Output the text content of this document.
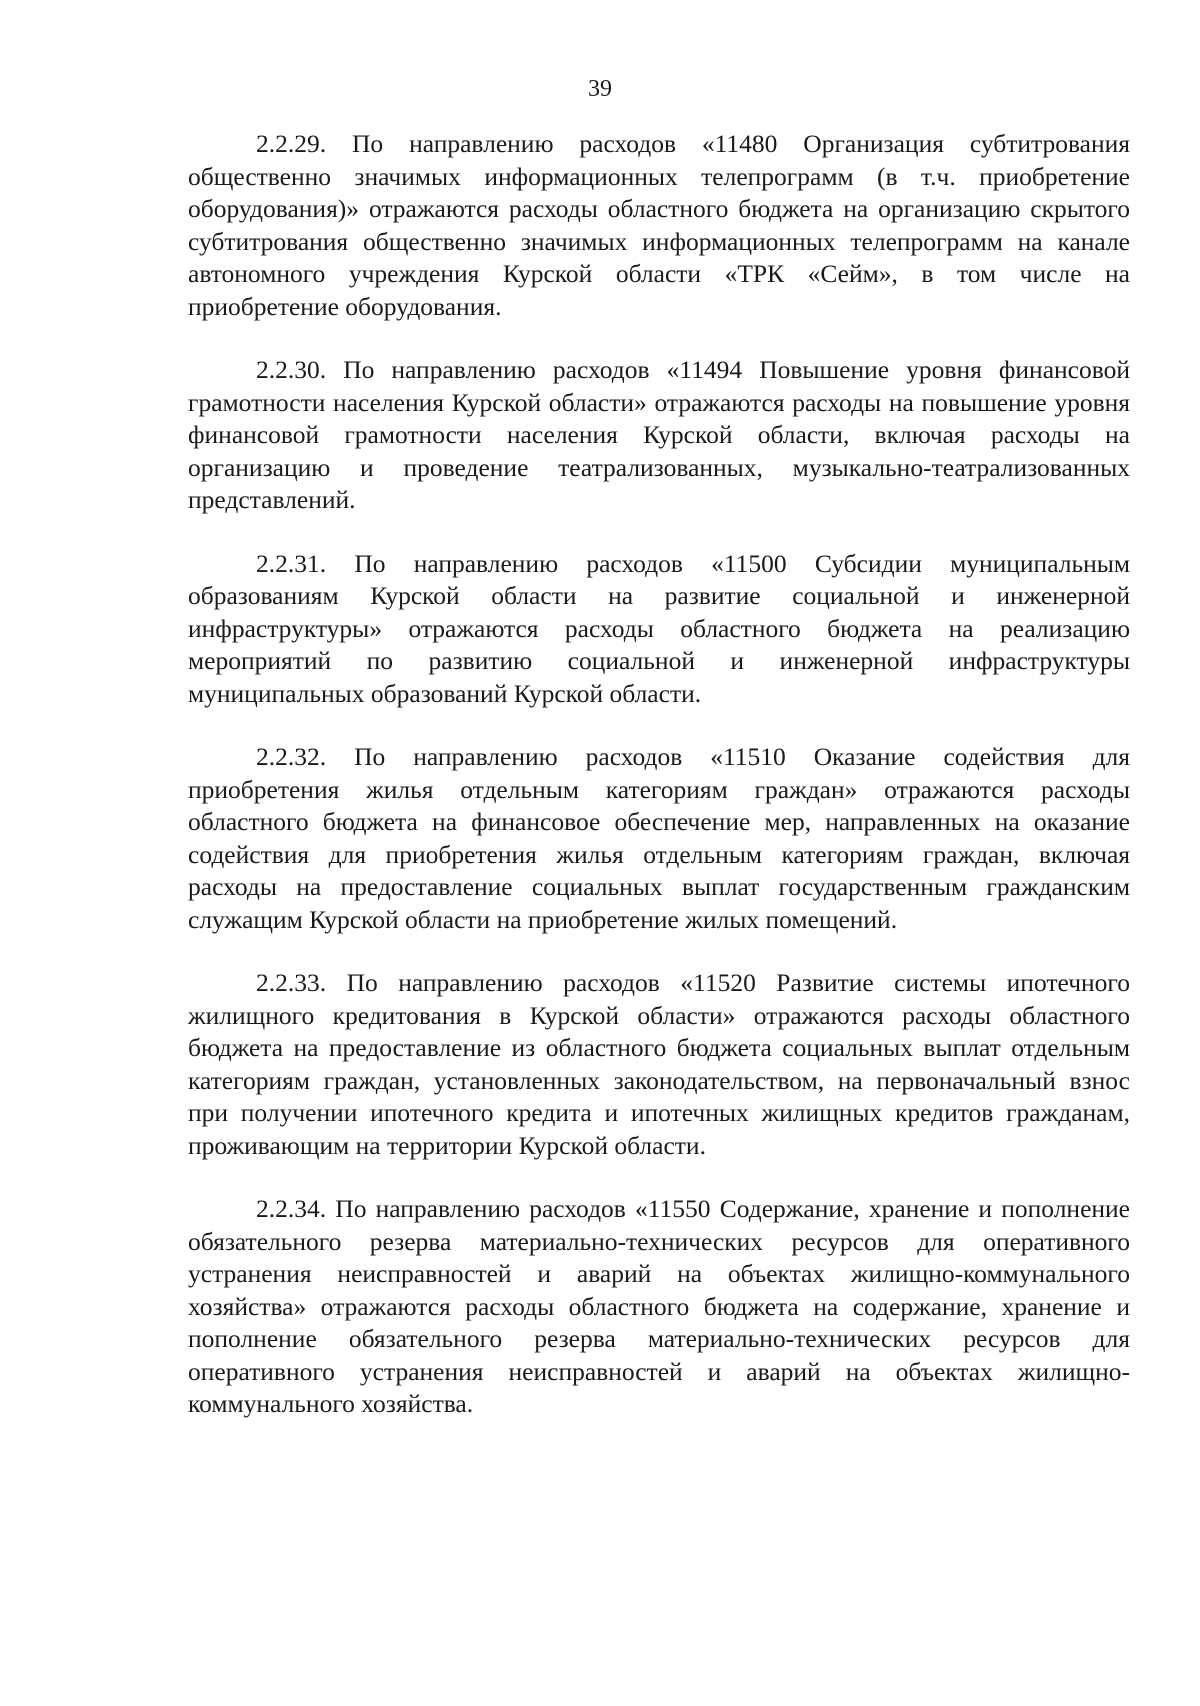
39

2.2.29. По направлению расходов «11480 Организация субтитрования общественно значимых информационных телепрограмм (в т.ч. приобретение оборудования)» отражаются расходы областного бюджета на организацию скрытого субтитрования общественно значимых информационных телепрограмм на канале автономного учреждения Курской области «ТРК «Сейм», в том числе на приобретение оборудования.

2.2.30. По направлению расходов «11494 Повышение уровня финансовой грамотности населения Курской области» отражаются расходы на повышение уровня финансовой грамотности населения Курской области, включая расходы на организацию и проведение театрализованных, музыкально-театрализованных представлений.

2.2.31. По направлению расходов «11500 Субсидии муниципальным образованиям Курской области на развитие социальной и инженерной инфраструктуры» отражаются расходы областного бюджета на реализацию мероприятий по развитию социальной и инженерной инфраструктуры муниципальных образований Курской области.

2.2.32. По направлению расходов «11510 Оказание содействия для приобретения жилья отдельным категориям граждан» отражаются расходы областного бюджета на финансовое обеспечение мер, направленных на оказание содействия для приобретения жилья отдельным категориям граждан, включая расходы на предоставление социальных выплат государственным гражданским служащим Курской области на приобретение жилых помещений.

2.2.33. По направлению расходов «11520 Развитие системы ипотечного жилищного кредитования в Курской области» отражаются расходы областного бюджета на предоставление из областного бюджета социальных выплат отдельным категориям граждан, установленных законодательством, на первоначальный взнос при получении ипотечного кредита и ипотечных жилищных кредитов гражданам, проживающим на территории Курской области.

2.2.34. По направлению расходов «11550 Содержание, хранение и пополнение обязательного резерва материально-технических ресурсов для оперативного устранения неисправностей и аварий на объектах жилищно-коммунального хозяйства» отражаются расходы областного бюджета на содержание, хранение и пополнение обязательного резерва материально-технических ресурсов для оперативного устранения неисправностей и аварий на объектах жилищно-коммунального хозяйства.
